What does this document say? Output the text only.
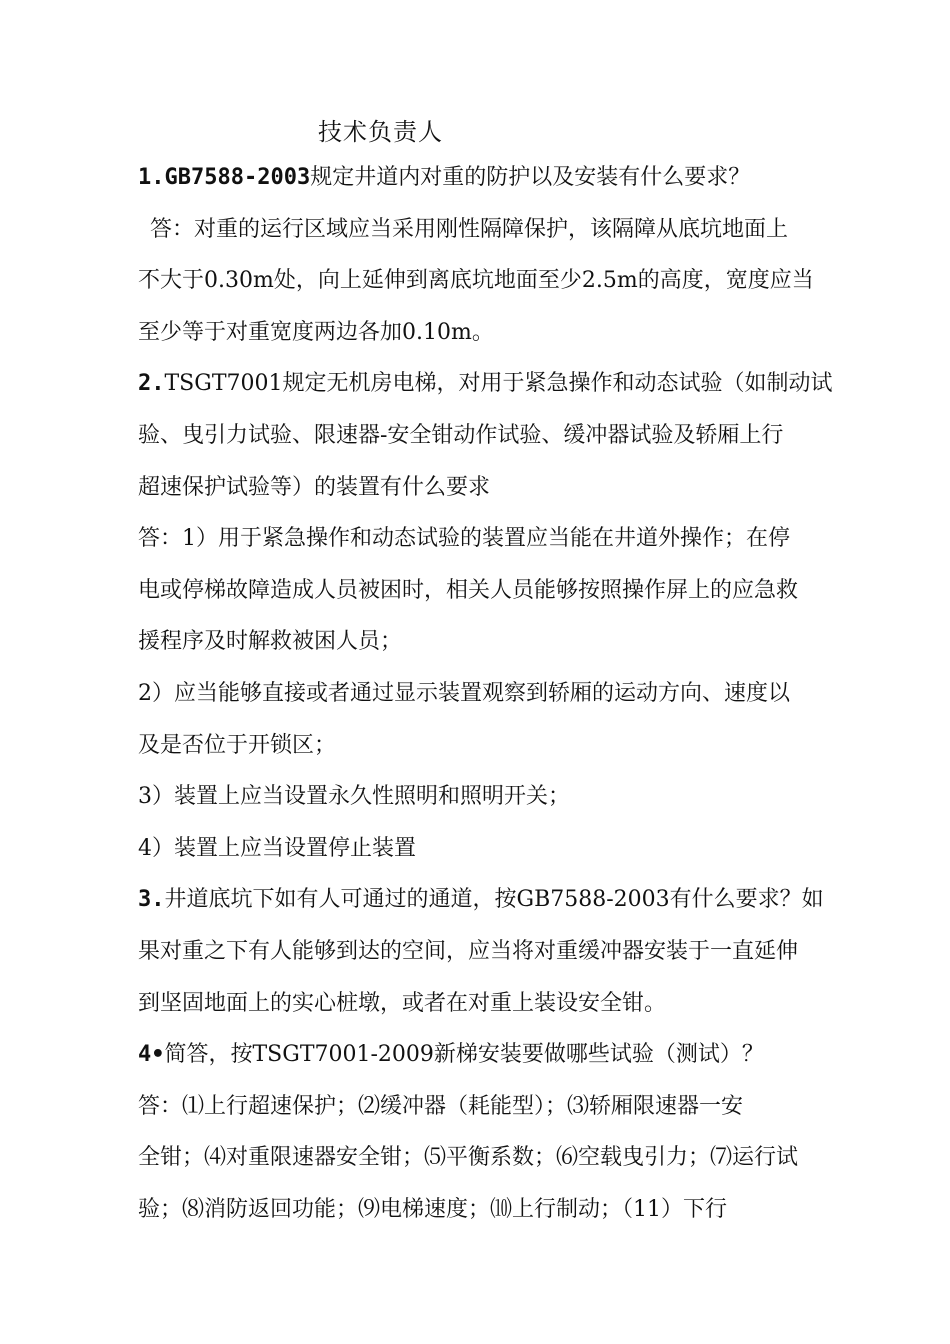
技术负责人
1.GB7588-2003规定井道内对重的防护以及安装有什么要求？
答：对重的运行区域应当采用刚性隔障保护，该隔障从底坑地面上
不大于0.30m处，向上延伸到离底坑地面至少2.5m的高度，宽度应当
至少等于对重宽度两边各加0.10m。
2.TSGT7001规定无机房电梯，对用于紧急操作和动态试验（如制动试
验、曳引力试验、限速器-安全钳动作试验、缓冲器试验及轿厢上行
超速保护试验等）的装置有什么要求
答：1）用于紧急操作和动态试验的装置应当能在井道外操作；在停
电或停梯故障造成人员被困时，相关人员能够按照操作屏上的应急救
援程序及时解救被困人员；
2）应当能够直接或者通过显示装置观察到轿厢的运动方向、速度以
及是否位于开锁区；
3）装置上应当设置永久性照明和照明开关；
4）装置上应当设置停止装置
3.井道底坑下如有人可通过的通道，按GB7588-2003有什么要求？如
果对重之下有人能够到达的空间，应当将对重缓冲器安装于一直延伸
到坚固地面上的实心桩墩，或者在对重上装设安全钳。
4•简答，按TSGT7001-2009新梯安装要做哪些试验（测试）？
答：⑴上行超速保护；⑵缓冲器（耗能型）；⑶轿厢限速器一安
全钳；⑷对重限速器安全钳；⑸平衡系数；⑹空载曳引力；⑺运行试
验；⑻消防返回功能；⑼电梯速度；⑽上行制动；（11）下行
